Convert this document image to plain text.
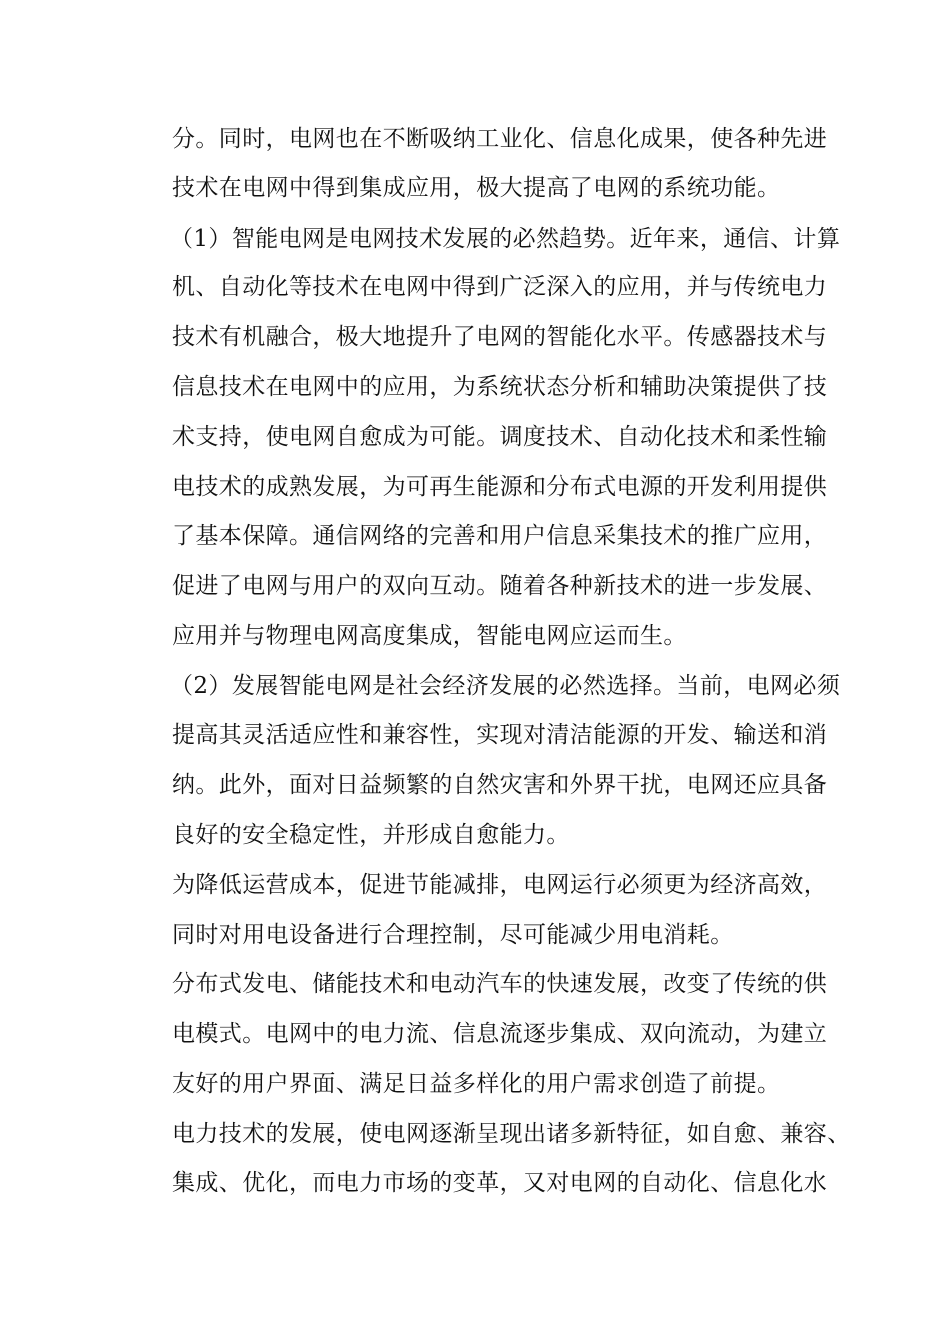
分。同时，电网也在不断吸纳工业化、信息化成果，使各种先进
技术在电网中得到集成应用，极大提高了电网的系统功能。
（1）智能电网是电网技术发展的必然趋势。近年来，通信、计算
机、自动化等技术在电网中得到广泛深入的应用，并与传统电力
技术有机融合，极大地提升了电网的智能化水平。传感器技术与
信息技术在电网中的应用，为系统状态分析和辅助决策提供了技
术支持，使电网自愈成为可能。调度技术、自动化技术和柔性输
电技术的成熟发展，为可再生能源和分布式电源的开发利用提供
了基本保障。通信网络的完善和用户信息采集技术的推广应用，
促进了电网与用户的双向互动。随着各种新技术的进一步发展、
应用并与物理电网高度集成，智能电网应运而生。
（2）发展智能电网是社会经济发展的必然选择。当前，电网必须
提高其灵活适应性和兼容性，实现对清洁能源的开发、输送和消
纳。此外，面对日益频繁的自然灾害和外界干扰，电网还应具备
良好的安全稳定性，并形成自愈能力。
为降低运营成本，促进节能减排，电网运行必须更为经济高效，
同时对用电设备进行合理控制，尽可能减少用电消耗。
分布式发电、储能技术和电动汽车的快速发展，改变了传统的供
电模式。电网中的电力流、信息流逐步集成、双向流动，为建立
友好的用户界面、满足日益多样化的用户需求创造了前提。
电力技术的发展，使电网逐渐呈现出诸多新特征，如自愈、兼容、
集成、优化，而电力市场的变革，又对电网的自动化、信息化水
